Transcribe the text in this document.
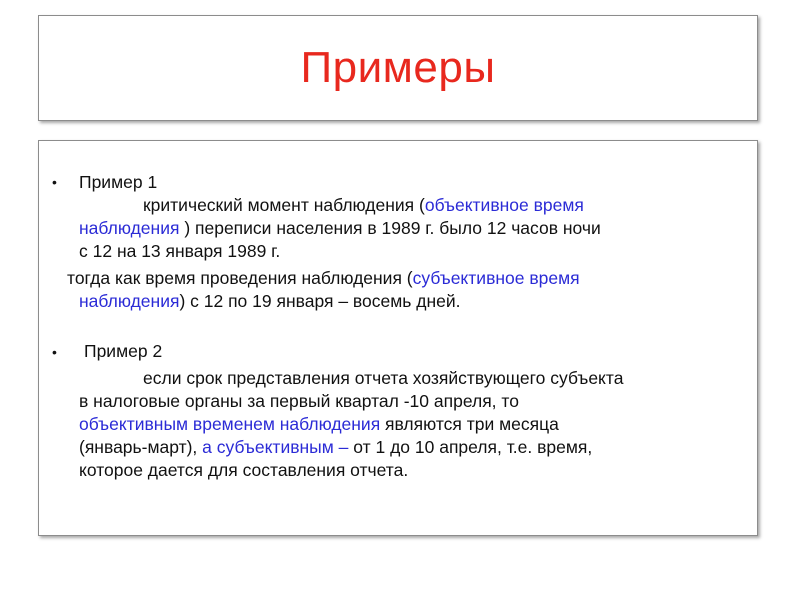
Примеры
• Пример 1
критический момент наблюдения (объективное время
наблюдения ) переписи населения в 1989 г. было 12 часов ночи
с 12 на 13 января 1989 г.
тогда как время проведения наблюдения (субъективное время
наблюдения) с 12 по 19 января – восемь дней.
• Пример 2
если срок представления отчета хозяйствующего субъекта
в налоговые органы за первый квартал -10 апреля, то
объективным временем наблюдения являются три месяца
(январь-март), а субъективным – от 1 до 10 апреля, т.е. время,
которое дается для составления отчета.
